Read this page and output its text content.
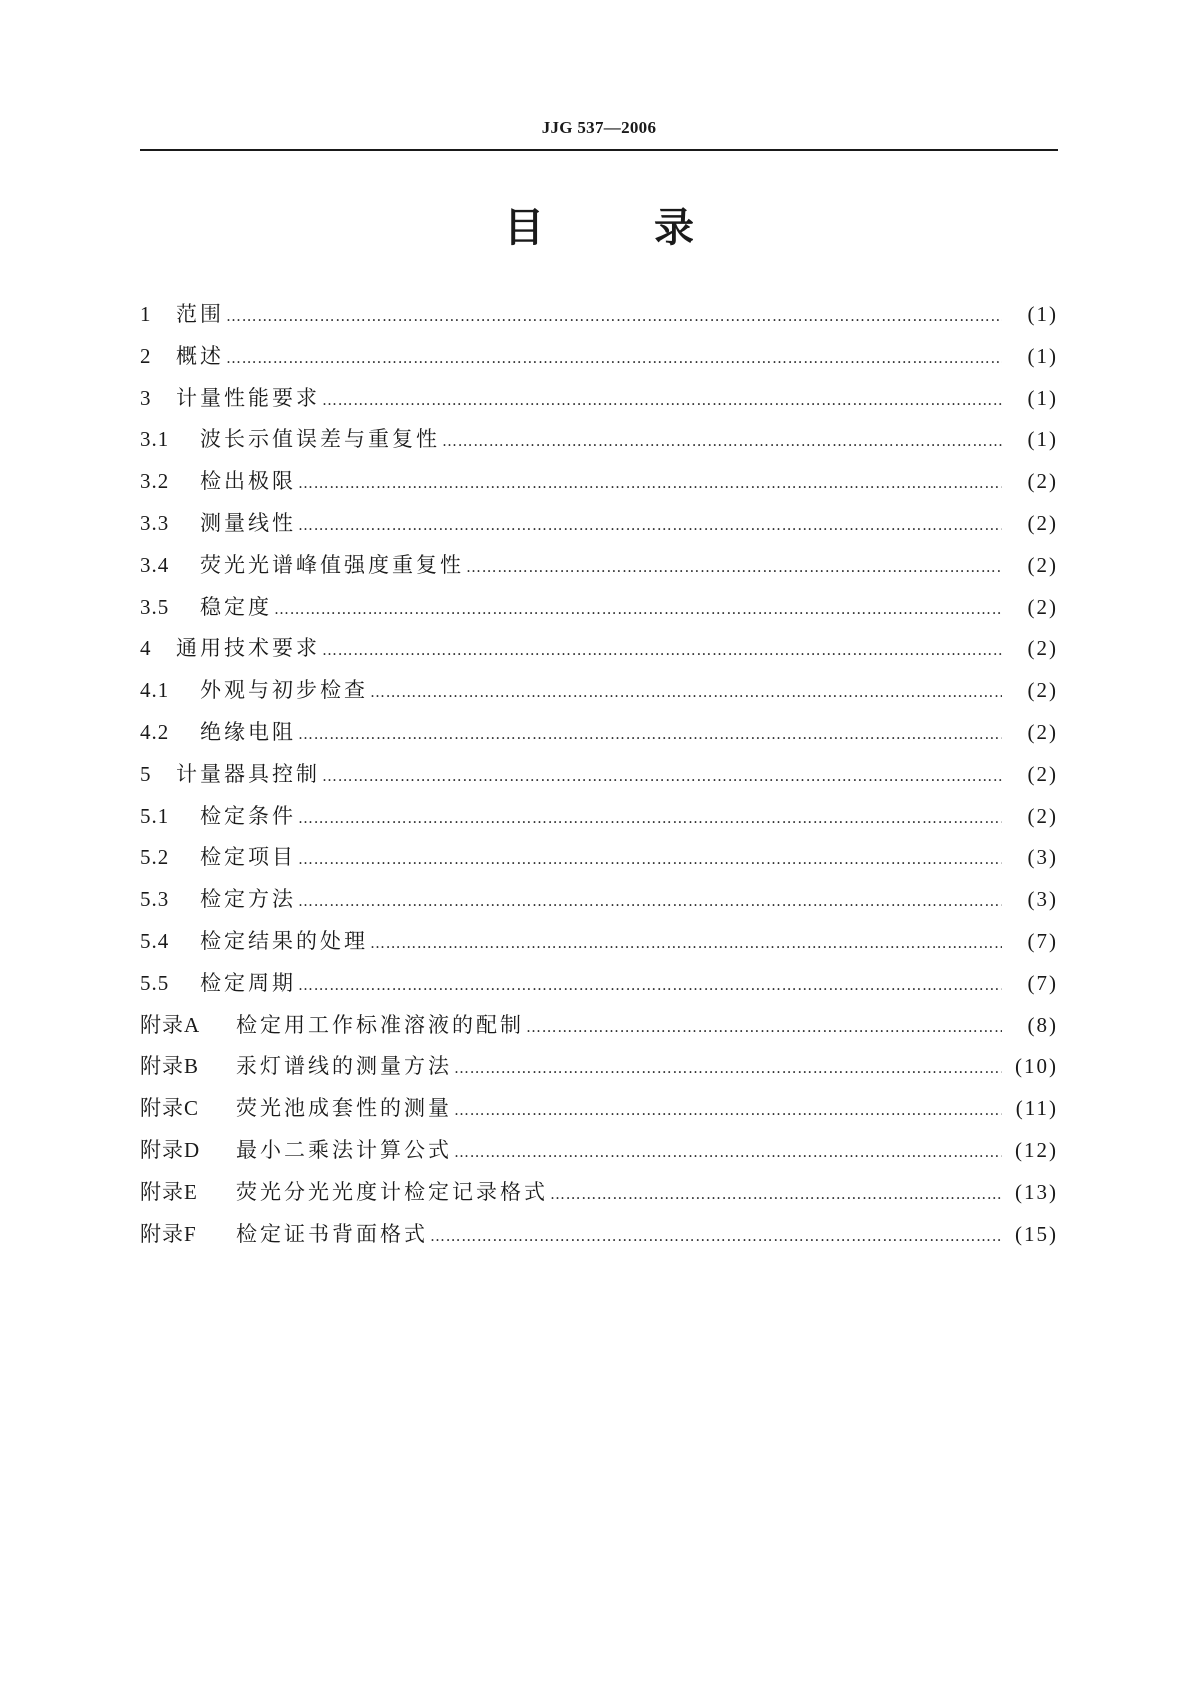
JJG 537—2006
目	录
1	范围 ……………………………………………………………………………………………………………………………………………………………………………	(1)
2	概述 ……………………………………………………………………………………………………………………………………………………………………………	(1)
3	计量性能要求 ……………………………………………………………………………………………………………………………………………………………………………	(1)
3.1	波长示值误差与重复性 ……………………………………………………………………………………………………………………………………………………………………………	(1)
3.2	检出极限 ……………………………………………………………………………………………………………………………………………………………………………	(2)
3.3	测量线性 ……………………………………………………………………………………………………………………………………………………………………………	(2)
3.4	荧光光谱峰值强度重复性 ……………………………………………………………………………………………………………………………………………………………………………	(2)
3.5	稳定度 ……………………………………………………………………………………………………………………………………………………………………………	(2)
4	通用技术要求 ……………………………………………………………………………………………………………………………………………………………………………	(2)
4.1	外观与初步检查 ……………………………………………………………………………………………………………………………………………………………………………	(2)
4.2	绝缘电阻 ……………………………………………………………………………………………………………………………………………………………………………	(2)
5	计量器具控制 ……………………………………………………………………………………………………………………………………………………………………………	(2)
5.1	检定条件 ……………………………………………………………………………………………………………………………………………………………………………	(2)
5.2	检定项目 ……………………………………………………………………………………………………………………………………………………………………………	(3)
5.3	检定方法 ……………………………………………………………………………………………………………………………………………………………………………	(3)
5.4	检定结果的处理 ……………………………………………………………………………………………………………………………………………………………………………	(7)
5.5	检定周期 ……………………………………………………………………………………………………………………………………………………………………………	(7)
附录A	检定用工作标准溶液的配制 ……………………………………………………………………………………………………………………………………………………………………………	(8)
附录B	汞灯谱线的测量方法 ……………………………………………………………………………………………………………………………………………………………………………	(10)
附录C	荧光池成套性的测量 ……………………………………………………………………………………………………………………………………………………………………………	(11)
附录D	最小二乘法计算公式 ……………………………………………………………………………………………………………………………………………………………………………	(12)
附录E	荧光分光光度计检定记录格式 ……………………………………………………………………………………………………………………………………………………………………………	(13)
附录F	检定证书背面格式 ……………………………………………………………………………………………………………………………………………………………………………	(15)
